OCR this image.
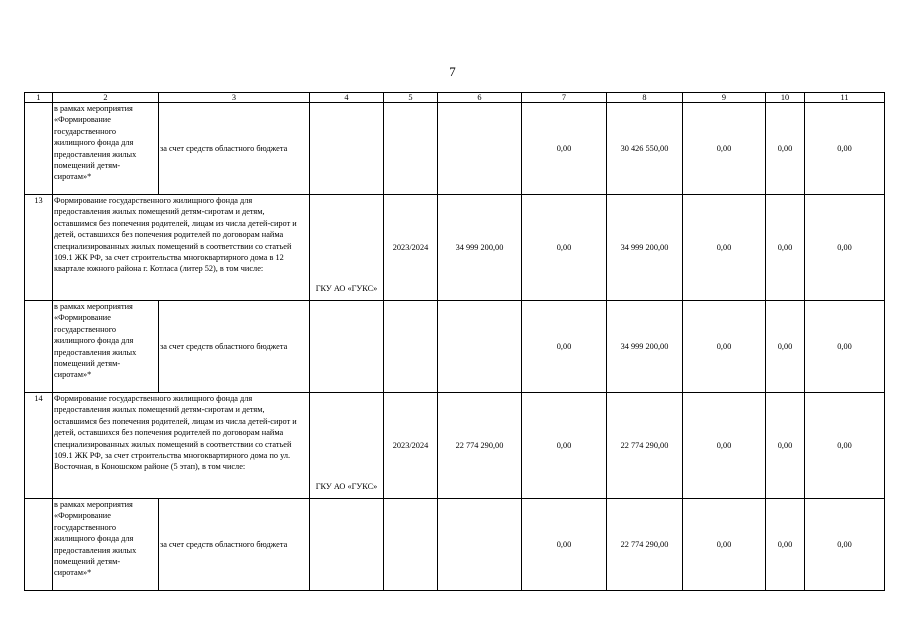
7
1	2	3	4	5	6	7	8	9	10	11
	в рамках мероприятия «Формирование государственного жилищного фонда для предоставления жилых помещений детям-сиротам»*	за счет средств областного бюджета				0,00	30 426 550,00	0,00	0,00	0,00
13	Формирование государственного жилищного фонда для предоставления жилых помещений детям-сиротам и детям, оставшимся без попечения родителей, лицам из числа детей-сирот и детей, оставшихся без попечения родителей по договорам найма специализированных жилых помещений в соответствии со статьей 109.1 ЖК РФ, за счет строительства многоквартирного дома в 12 квартале южного района г. Котласа (литер 52), в том числе:		ГКУ АО «ГУКС»	2023/2024	34 999 200,00	0,00	34 999 200,00	0,00	0,00	0,00
	в рамках мероприятия «Формирование государственного жилищного фонда для предоставления жилых помещений детям-сиротам»*	за счет средств областного бюджета				0,00	34 999 200,00	0,00	0,00	0,00
14	Формирование государственного жилищного фонда для предоставления жилых помещений детям-сиротам и детям, оставшимся без попечения родителей, лицам из числа детей-сирот и детей, оставшихся без попечения родителей по договорам найма специализированных жилых помещений в соответствии со статьей 109.1 ЖК РФ, за счет строительства многоквартирного дома по ул. Восточная, в Коношском районе (5 этап), в том числе:		ГКУ АО «ГУКС»	2023/2024	22 774 290,00	0,00	22 774 290,00	0,00	0,00	0,00
	в рамках мероприятия «Формирование государственного жилищного фонда для предоставления жилых помещений детям-сиротам»*	за счет средств областного бюджета				0,00	22 774 290,00	0,00	0,00	0,00
